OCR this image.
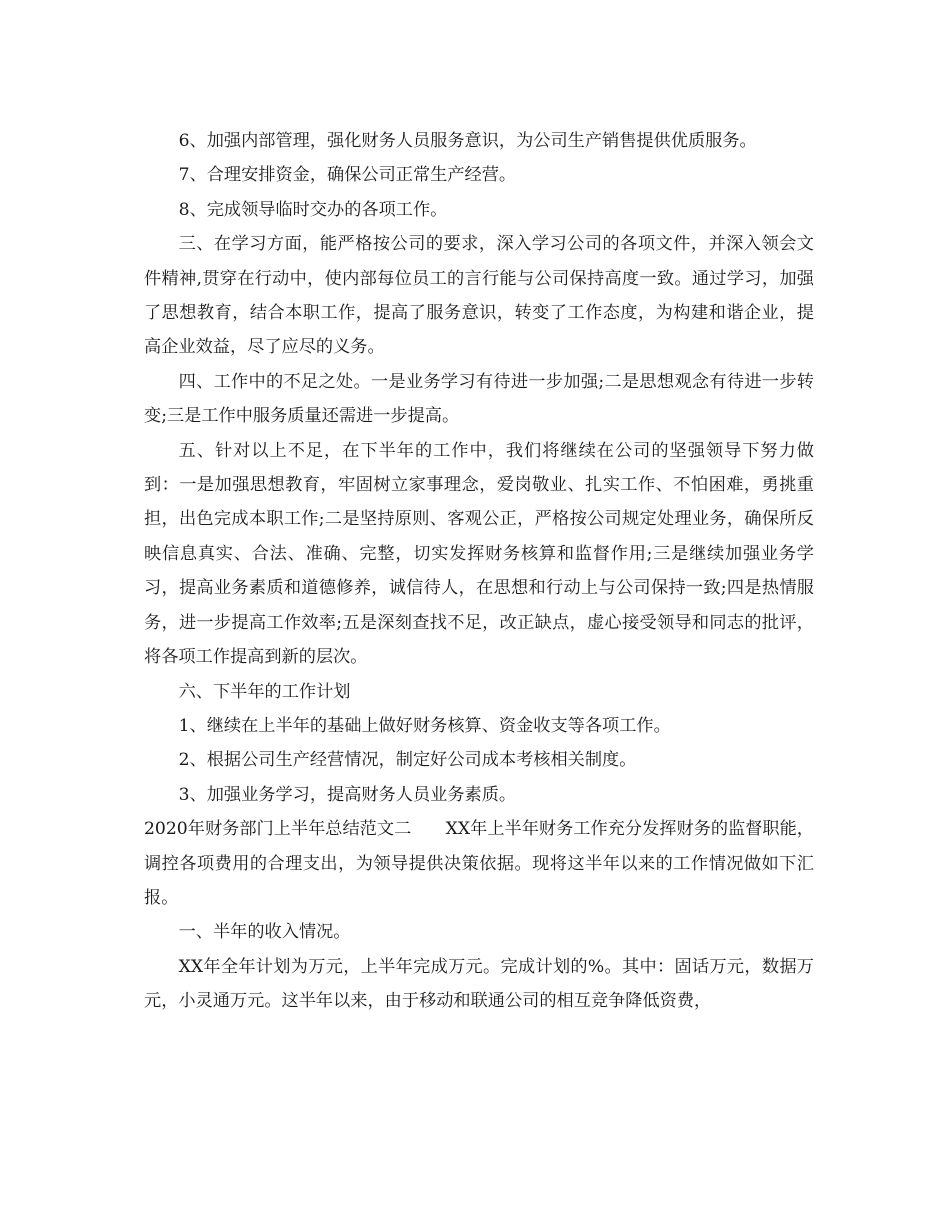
6、加强内部管理，强化财务人员服务意识，为公司生产销售提供优质服务。

7、合理安排资金，确保公司正常生产经营。

8、完成领导临时交办的各项工作。

三、在学习方面，能严格按公司的要求，深入学习公司的各项文件，并深入领会文件精神,贯穿在行动中，使内部每位员工的言行能与公司保持高度一致。通过学习，加强了思想教育，结合本职工作，提高了服务意识，转变了工作态度，为构建和谐企业，提高企业效益，尽了应尽的义务。

四、工作中的不足之处。一是业务学习有待进一步加强;二是思想观念有待进一步转变;三是工作中服务质量还需进一步提高。

五、针对以上不足，在下半年的工作中，我们将继续在公司的坚强领导下努力做到：一是加强思想教育，牢固树立家事理念，爱岗敬业、扎实工作、不怕困难，勇挑重担，出色完成本职工作;二是坚持原则、客观公正，严格按公司规定处理业务，确保所反映信息真实、合法、准确、完整，切实发挥财务核算和监督作用;三是继续加强业务学习，提高业务素质和道德修养，诚信待人，在思想和行动上与公司保持一致;四是热情服务，进一步提高工作效率;五是深刻查找不足，改正缺点，虚心接受领导和同志的批评，将各项工作提高到新的层次。

六、下半年的工作计划

1、继续在上半年的基础上做好财务核算、资金收支等各项工作。

2、根据公司生产经营情况，制定好公司成本考核相关制度。

3、加强业务学习，提高财务人员业务素质。

2020年财务部门上半年总结范文二　　XX年上半年财务工作充分发挥财务的监督职能，调控各项费用的合理支出，为领导提供决策依据。现将这半年以来的工作情况做如下汇报。

一、半年的收入情况。

XX年全年计划为万元，上半年完成万元。完成计划的%。其中：固话万元，数据万元，小灵通万元。这半年以来，由于移动和联通公司的相互竞争降低资费，
